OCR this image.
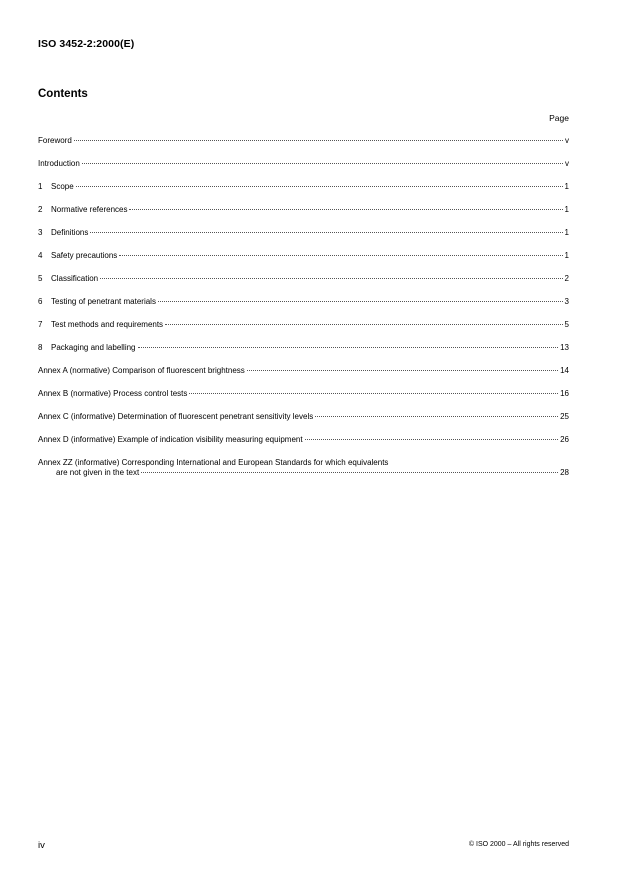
ISO 3452-2:2000(E)
Contents
Page
Foreword	v
Introduction	v
1 Scope	1
2 Normative references	1
3 Definitions	1
4 Safety precautions	1
5 Classification	2
6 Testing of penetrant materials	3
7 Test methods and requirements	5
8 Packaging and labelling	13
Annex A (normative) Comparison of fluorescent brightness	14
Annex B (normative) Process control tests	16
Annex C (informative) Determination of fluorescent penetrant sensitivity levels	25
Annex D (informative) Example of indication visibility measuring equipment	26
Annex ZZ (informative) Corresponding International and European Standards for which equivalents
are not given in the text	28
iv	© ISO 2000 – All rights reserved
